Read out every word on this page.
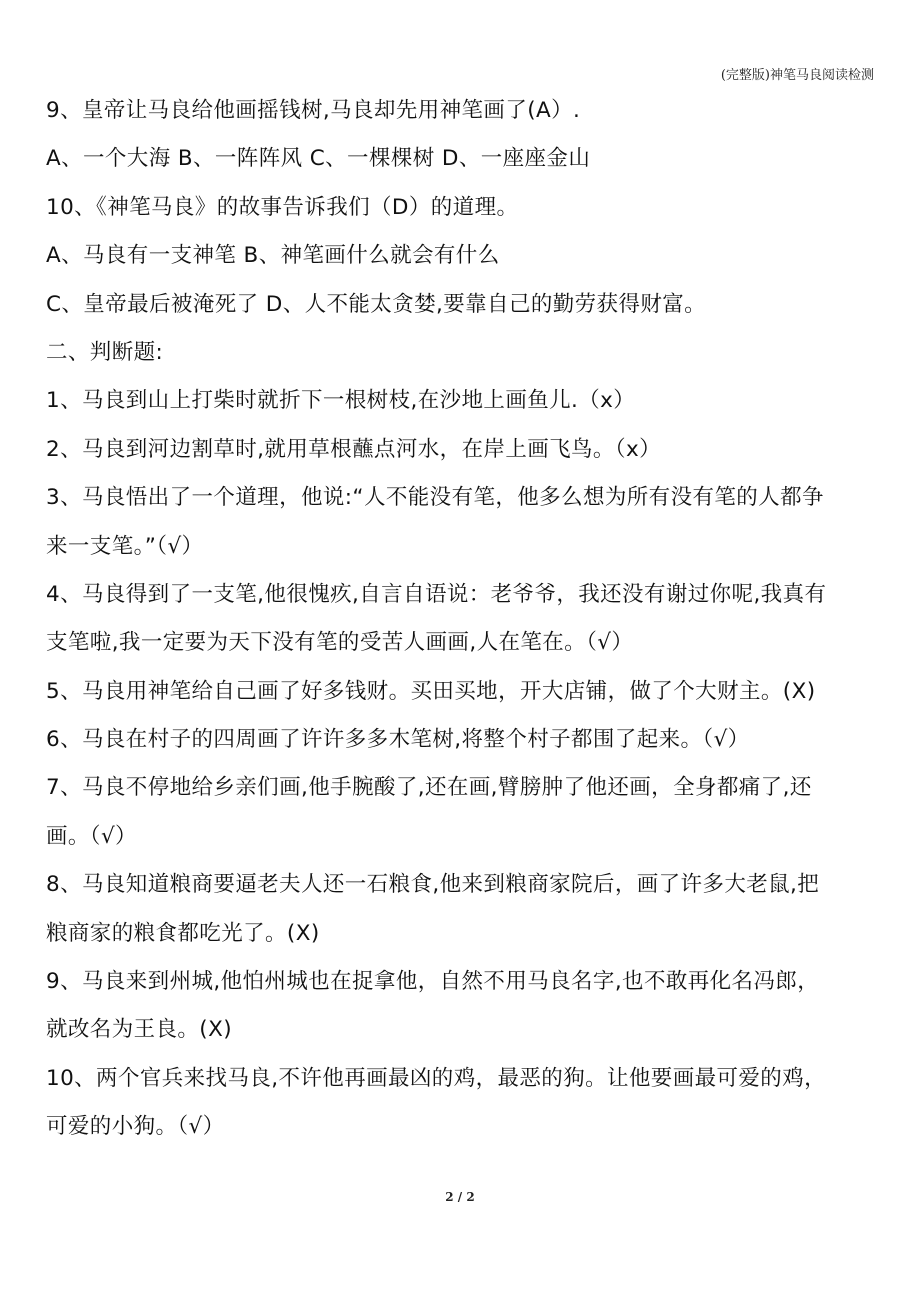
(完整版)神笔马良阅读检测
9、皇帝让马良给他画摇钱树,马良却先用神笔画了(A）.
A、一个大海 B、一阵阵风 C、一棵棵树 D、一座座金山
10、《神笔马良》的故事告诉我们（D）的道理。
A、马良有一支神笔 B、神笔画什么就会有什么
C、皇帝最后被淹死了 D、人不能太贪婪,要靠自己的勤劳获得财富。
二、判断题:
1、马良到山上打柴时就折下一根树枝,在沙地上画鱼儿.（x）
2、马良到河边割草时,就用草根蘸点河水，在岸上画飞鸟。（x）
3、马良悟出了一个道理，他说:“人不能没有笔，他多么想为所有没有笔的人都争
来一支笔。”（√）
4、马良得到了一支笔,他很愧疚,自言自语说：老爷爷，我还没有谢过你呢,我真有
支笔啦,我一定要为天下没有笔的受苦人画画,人在笔在。（√）
5、马良用神笔给自己画了好多钱财。买田买地，开大店铺，做了个大财主。(X)
6、马良在村子的四周画了许许多多木笔树,将整个村子都围了起来。（√）
7、马良不停地给乡亲们画,他手腕酸了,还在画,臂膀肿了他还画，全身都痛了,还
画。（√）
8、马良知道粮商要逼老夫人还一石粮食,他来到粮商家院后，画了许多大老鼠,把
粮商家的粮食都吃光了。(X)
9、马良来到州城,他怕州城也在捉拿他，自然不用马良名字,也不敢再化名冯郎，
就改名为王良。(X)
10、两个官兵来找马良,不许他再画最凶的鸡，最恶的狗。让他要画最可爱的鸡，
可爱的小狗。（√）
2 / 2
